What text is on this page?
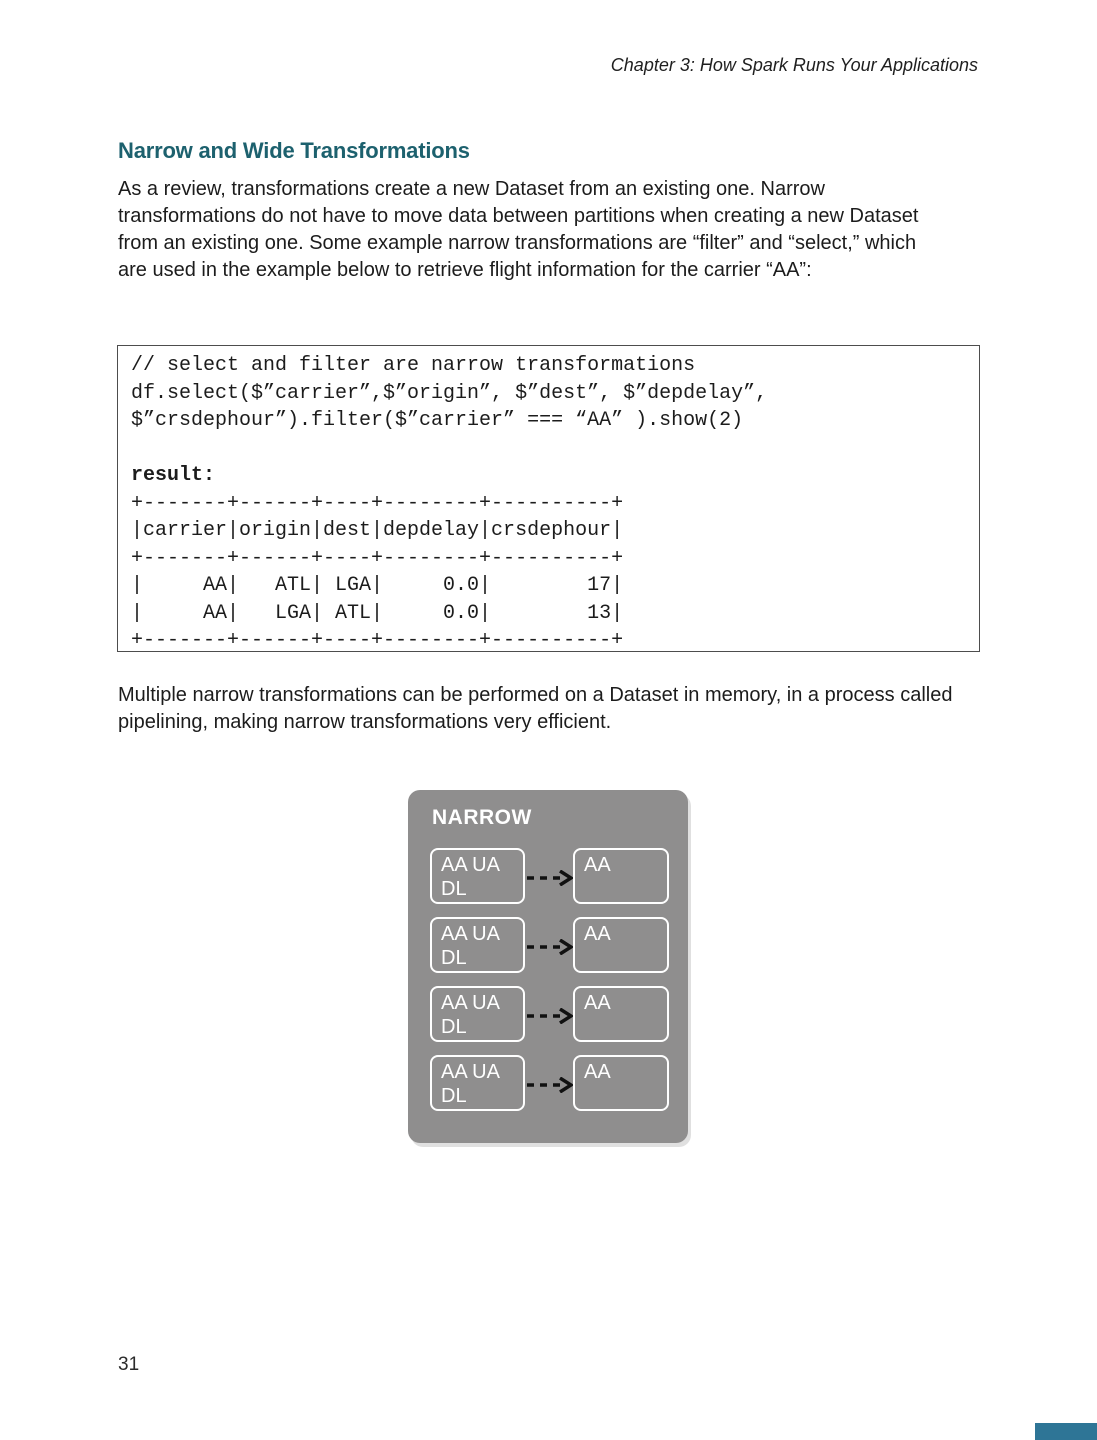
Chapter 3: How Spark Runs Your Applications
Narrow and Wide Transformations

As a review, transformations create a new Dataset from an existing one. Narrow transformations do not have to move data between partitions when creating a new Dataset from an existing one. Some example narrow transformations are “filter” and “select,” which are used in the example below to retrieve flight information for the carrier “AA”:

// select and filter are narrow transformations
df.select($”carrier”,$”origin”, $”dest”, $”depdelay”,
$”crsdephour”).filter($”carrier” === “AA” ).show(2)
result:
+-------+------+----+--------+----------+
|carrier|origin|dest|depdelay|crsdephour|
+-------+------+----+--------+----------+
|     AA|   ATL| LGA|     0.0|        17|
|     AA|   LGA| ATL|     0.0|        13|
+-------+------+----+--------+----------+

Multiple narrow transformations can be performed on a Dataset in memory, in a process called pipelining, making narrow transformations very efficient.

NARROW
AA UA
DL
AA
AA UA
DL
AA
AA UA
DL
AA
AA UA
DL
AA
31
